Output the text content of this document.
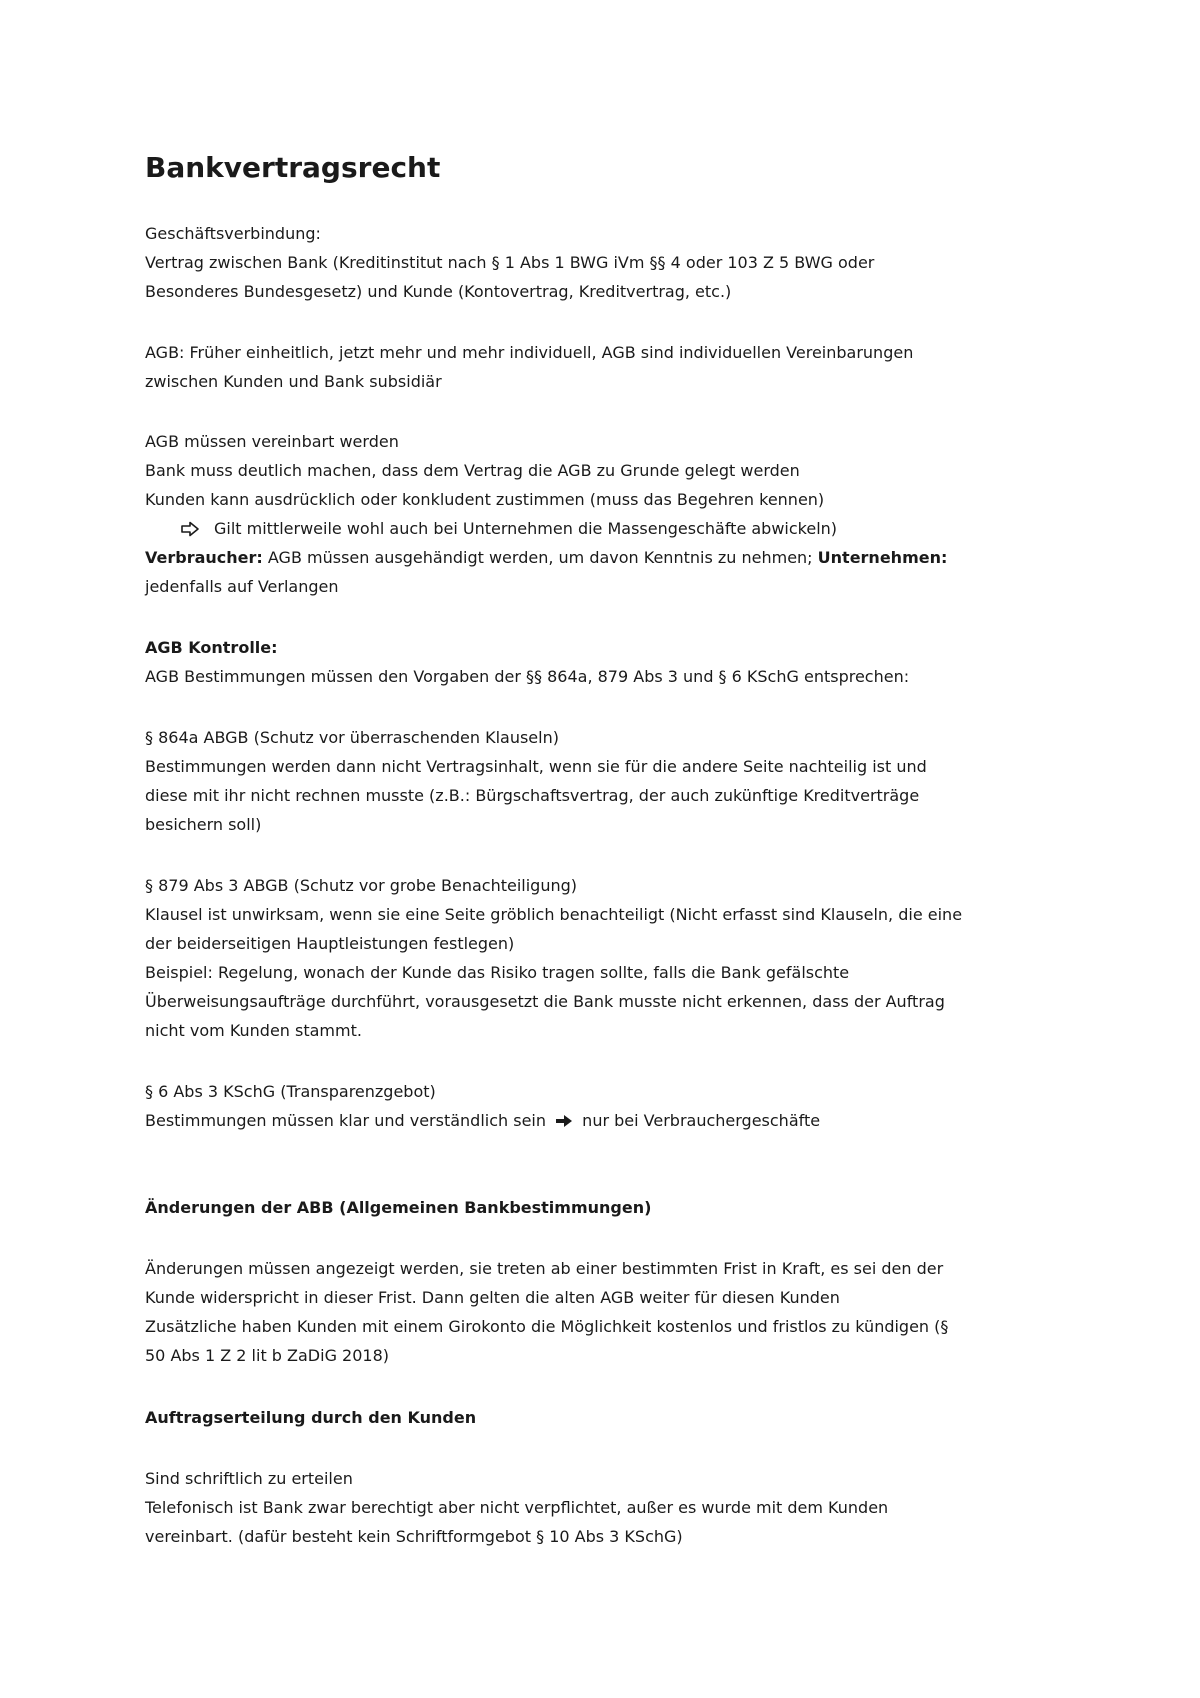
Bankvertragsrecht

Geschäftsverbindung:

Vertrag zwischen Bank (Kreditinstitut nach § 1 Abs 1 BWG iVm §§ 4 oder 103 Z 5 BWG oder

Besonderes Bundesgesetz) und Kunde (Kontovertrag, Kreditvertrag, etc.)

AGB: Früher einheitlich, jetzt mehr und mehr individuell, AGB sind individuellen Vereinbarungen

zwischen Kunden und Bank subsidiär

AGB müssen vereinbart werden

Bank muss deutlich machen, dass dem Vertrag die AGB zu Grunde gelegt werden

Kunden kann ausdrücklich oder konkludent zustimmen (muss das Begehren kennen)

Gilt mittlerweile wohl auch bei Unternehmen die Massengeschäfte abwickeln)

Verbraucher: AGB müssen ausgehändigt werden, um davon Kenntnis zu nehmen; Unternehmen:

jedenfalls auf Verlangen

AGB Kontrolle:

AGB Bestimmungen müssen den Vorgaben der §§ 864a, 879 Abs 3 und § 6 KSchG entsprechen:

§ 864a ABGB (Schutz vor überraschenden Klauseln)

Bestimmungen werden dann nicht Vertragsinhalt, wenn sie für die andere Seite nachteilig ist und

diese mit ihr nicht rechnen musste (z.B.: Bürgschaftsvertrag, der auch zukünftige Kreditverträge

besichern soll)

§ 879 Abs 3 ABGB (Schutz vor grobe Benachteiligung)

Klausel ist unwirksam, wenn sie eine Seite gröblich benachteiligt (Nicht erfasst sind Klauseln, die eine

der beiderseitigen Hauptleistungen festlegen)

Beispiel: Regelung, wonach der Kunde das Risiko tragen sollte, falls die Bank gefälschte

Überweisungsaufträge durchführt, vorausgesetzt die Bank musste nicht erkennen, dass der Auftrag

nicht vom Kunden stammt.

§ 6 Abs 3 KSchG (Transparenzgebot)

Bestimmungen müssen klar und verständlich sein  nur bei Verbrauchergeschäfte

Änderungen der ABB (Allgemeinen Bankbestimmungen)

Änderungen müssen angezeigt werden, sie treten ab einer bestimmten Frist in Kraft, es sei den der

Kunde widerspricht in dieser Frist. Dann gelten die alten AGB weiter für diesen Kunden

Zusätzliche haben Kunden mit einem Girokonto die Möglichkeit kostenlos und fristlos zu kündigen (§

50 Abs 1 Z 2 lit b ZaDiG 2018)

Auftragserteilung durch den Kunden

Sind schriftlich zu erteilen

Telefonisch ist Bank zwar berechtigt aber nicht verpflichtet, außer es wurde mit dem Kunden

vereinbart. (dafür besteht kein Schriftformgebot § 10 Abs 3 KSchG)
